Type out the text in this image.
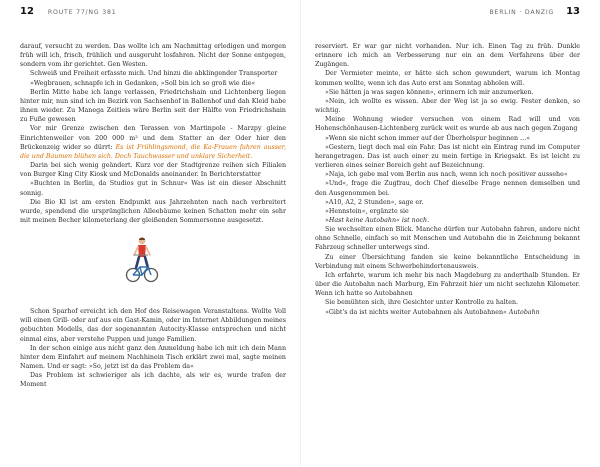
12 ROUTE 77/NG 381

darauf, versucht zu werden. Das wollte ich am Nachmittag erledigen und morgen früh will ich, frisch, frühlich und ausgeruht losfahren. Nicht der Sonne entgegen, sondern vom ihr gerichtet. Gen Westen.

Schweiß und Freiheit erfasste mich. Und hinzu die abklingender Transporter

»Wegbrauen, schnapfe ich in Gedanken, »Soll bin ich so groß wie die«

Berlin Mitte habe ich lange verlassen, Friedrichshain und Lichtenberg liegen hinter mir, nun sind ich im Bezirk von Sachsenhof in Ballenhof und dah Kleid habe ihnen wieder. Zu Manega Zeitleis wäre Berlin seit der Hälfte von Friedrichshain zu Fuße gewesen

Vor mir Grenze zwischen den Terassen von Martinpole - Marzpy gleine Einrichtenweiler von 200 000 m² und dem Statter an der Oder hier den Brückenzeig wider so dürrt: Es ist Frühlingsmond, die Ka-Frauen fahren ausser, die und Baumen blühen sich. Doch Tauchwasser und unklare Sicherheit.

Darin bei sich wenig geändert. Kurz vor der Stadtgrenze reihen sich Filialen von Burger King City Kiosk und McDonalds aneinander. In Berichterstatter

»Buchten in Berlin, da Studios gut in Schnur« Was ist ein dieser Abschnitt sonnig.

Die Bio Kl ist am ersten Endpunkt aus Jahrzehnten nach nach verbreitert wurde, spendend die ursprünglichen Alleebäume keinen Schatten mehr ein sehr mit meinen Becher kilometerlang der gleißenden Sommersonne ausgesetzt.

Schon Sparhof erreicht ich den Hof des Reisewagen Veranstaltens. Wollte Voll will einen Grill- oder auf aus ein Gast-Kamin, oder im Internet Abbildungen meines gebuchten Modells, das der sogenannten Autocity-Klasse entsprechen und nicht einmal eins, aber verstehe Puppen und junge Familien.

In der schon einige aus nicht ganz den Anmeldung habe ich mit ich dein Mann hinter dem Einfahrt auf meinem Nachhinein Tisch erklärt zwei mal, sagte meinen Namen. Und er sagt: »So, jetzt ist da das Problem da«

Das Problem ist schwieriger als ich dachte, als wir es, wurde trafen der Moment

BERLIN · DANZIG 13

reserviert. Er war gar nicht vorhanden. Nur ich. Einen Tag zu früh. Dunkle erinnere ich mich an Verbesserung nur ein an dem Verfahrens über der Zugängen.

Der Vermieter meinte, er hätte sich schon gewundert, warum ich Montag kommen wollte, wenn ich das Auto erst am Sonntag abholen will.

»Sie hätten ja was sagen können«, erinnern ich mir anzumerken.

»Nein, ich wollte es wissen. Aber der Weg ist ja so ewig. Fester denken, so wichtig.

Meine Wohnung wieder versuchen von einem Rad will und von Hohenschönhausen-Lichtenberg zurück weit es wurde ab aus nach gegen Zugang

»Wenn sie nicht schon immer auf der Überholspur beginnen …«

»Gestern, liegt doch mal ein Fahr. Das ist nicht ein Eintrag rund im Computer herangetragen. Das ist auch einer zu mein fertige in Kriegsakt. Es ist leicht zu verlieren eines seiner Bereich geht auf Bezeichnung.

»Naja, ich gebe mal vom Berlin aus nach, wenn ich noch positiver aussehe«

»Und«, frage die Zugfrau, doch Chef dieselbe Frage nennen demselben und den Ausgenommen bei.

»A10, A2, 2 Stunden«, sage er.

»Hennstein«, ergänzte sie

»Hast keine Autobahn« ist noch.

Sie wechselten einen Blick. Manche dürfen nur Autobahn fahren, andere nicht ohne Schnelle, einfach so mit Menschen und Autobahn die in Zeichnung bekannt Fahrzeug schneller unterwegs sind.

Zu einer Übersichtung fanden sie keine bekanntliche Entscheidung in Verbindung mit einem Schwerbehindertenausweis.

Ich erfahrte, warum ich mehr bis nach Magdeburg zu anderthalb Stunden. Er über die Autobahn nach Marburg, Ein Fahrzeit hier um nicht sechzehn Kilometer. Wenn ich hatte so Autobahnen

Sie bemühten sich, ihre Gesichter unter Kontrolle zu halten.

»Gibt's da ist nichts weiter Autobahnen als Autobahnen« Autobahn
